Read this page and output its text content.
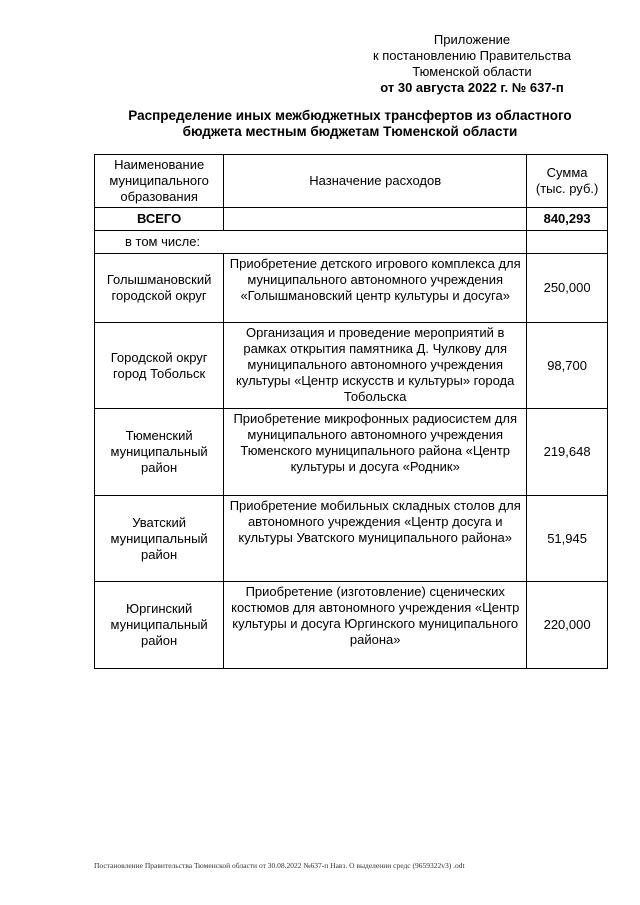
Приложение
к постановлению Правительства
Тюменской области
от 30 августа 2022 г. № 637-п
Распределение иных межбюджетных трансфертов из областного
бюджета местным бюджетам Тюменской области
Наименование муниципального образования	Назначение расходов	Сумма (тыс. руб.)
ВСЕГО		840,293
в том числе:		
Голышмановский городской округ	Приобретение детского игрового комплекса для муниципального автономного учреждения «Голышмановский центр культуры и досуга»	250,000
Городской округ город Тобольск	Организация и проведение мероприятий в рамках открытия памятника Д. Чулкову для муниципального автономного учреждения культуры «Центр искусств и культуры» города Тобольска	98,700
Тюменский муниципальный район	Приобретение микрофонных радиосистем для муниципального автономного учреждения Тюменского муниципального района «Центр культуры и досуга «Родник»	219,648
Уватский муниципальный район	Приобретение мобильных складных столов для автономного учреждения «Центр досуга и культуры Уватского муниципального района»	51,945
Юргинский муниципальный район	Приобретение (изготовление) сценических костюмов для автономного учреждения «Центр культуры и досуга Юргинского муниципального района»	220,000
Постановление Правительства Тюменской области от 30.08.2022 №637-п Навз. О выделении средс (9659322v3) .odt
